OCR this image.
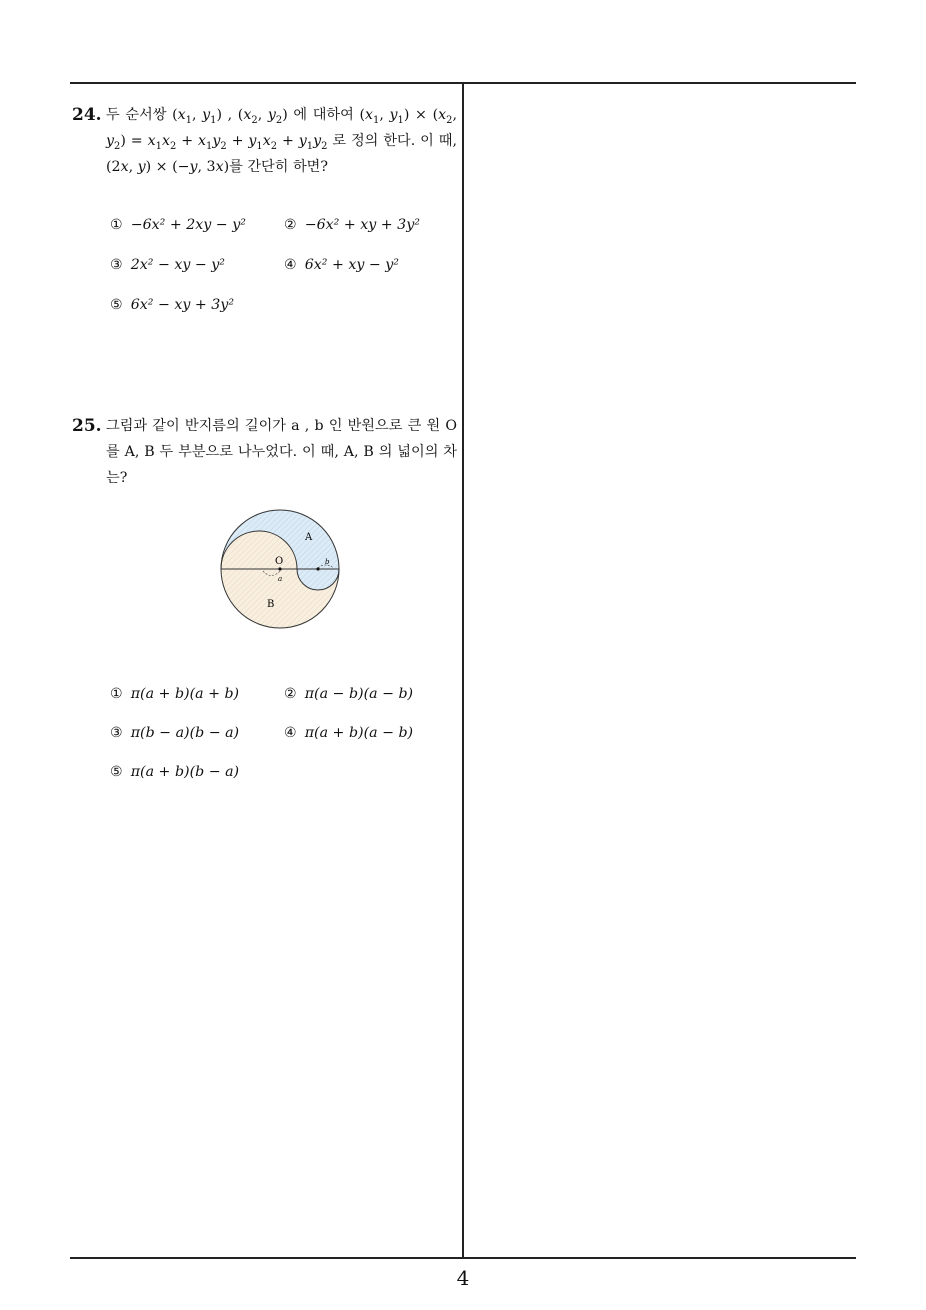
24. 두 순서쌍 ($x_1$, $y_1$) , ($x_2$, $y_2$) 에 대하여 ($x_1$, $y_1) \times (x_2$, $y_2) = x_1x_2 + x_1y_2 + y_1x_2 + y_1y_2$ 로 정의 한다. 이 때, (2x, y) × (−y, 3x)를 간단히 하면?
① −6x² + 2xy − y²	② −6x² + xy + 3y²
③ 2x² − xy − y²	④ 6x² + xy − y²
⑤ 6x² − xy + 3y²
25. 그림과 같이 반지름의 길이가 a , b 인 반원으로 큰 원 O 를 A, B 두 부분으로 나누었다. 이 때, A, B 의 넓이의 차는?
O
A
B
a
b
① π(a + b)(a + b)	② π(a − b)(a − b)
③ π(b − a)(b − a)	④ π(a + b)(a − b)
⑤ π(a + b)(b − a)
4
